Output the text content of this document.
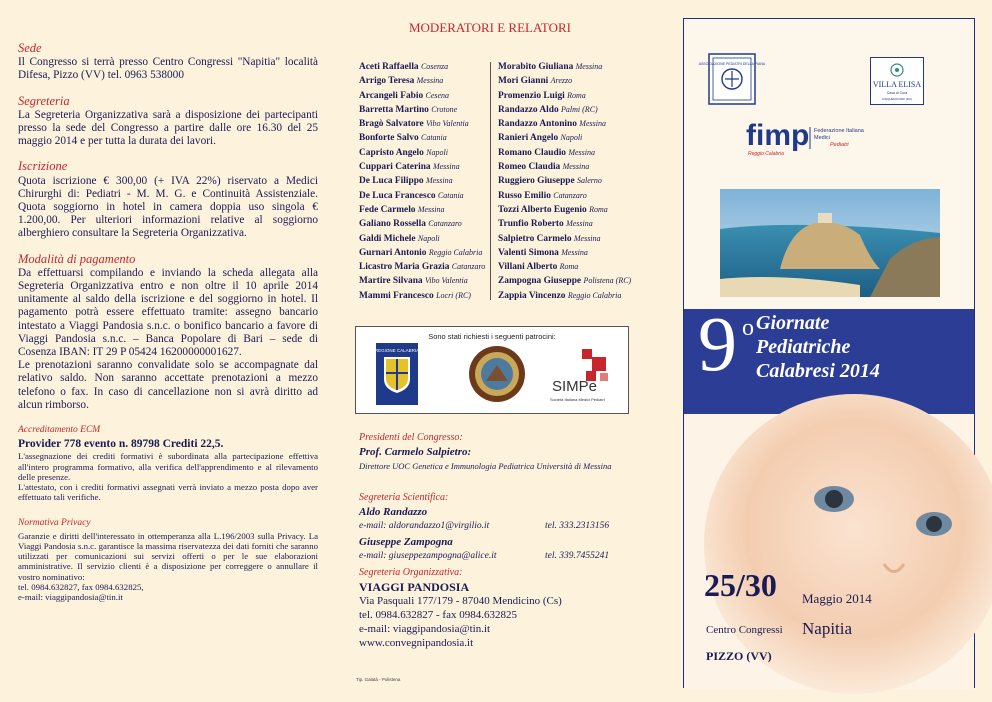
Sede
Il Congresso si terrà presso Centro Congressi "Napitia" località Difesa, Pizzo (VV) tel. 0963 538000
Segreteria
La Segreteria Organizzativa sarà a disposizione dei partecipanti presso la sede del Congresso a partire dalle ore 16.30 del 25 maggio 2014 e per tutta la durata dei lavori.
Iscrizione
Quota iscrizione € 300,00 (+ IVA 22%) riservato a Medici Chirurghi di: Pediatri - M. M. G. e Continuità Assistenziale. Quota soggiorno in hotel in camera doppia uso singola € 1.200,00. Per ulteriori informazioni relative al soggiorno alberghiero consultare la Segreteria Organizzativa.
Modalità di pagamento
Da effettuarsi compilando e inviando la scheda allegata alla Segreteria Organizzativa entro e non oltre il 10 aprile 2014 unitamente al saldo della iscrizione e del soggiorno in hotel. Il pagamento potrà essere effettuato tramite: assegno bancario intestato a Viaggi Pandosia s.n.c. o bonifico bancario a favore di Viaggi Pandosia s.n.c. – Banca Popolare di Bari – sede di Cosenza IBAN: IT 29 P 05424 16200000001627.
Le prenotazioni saranno convalidate solo se accompagnate dal relativo saldo. Non saranno accettate prenotazioni a mezzo telefono o fax. In caso di cancellazione non si avrà diritto ad alcun rimborso.
Accreditamento ECM
Provider 778 evento n. 89798 Crediti 22,5.
L'assegnazione dei crediti formativi è subordinata alla partecipazione effettiva all'intero programma formativo, alla verifica dell'apprendimento e al rilevamento delle presenze.
L'attestato, con i crediti formativi assegnati verrà inviato a mezzo posta dopo aver effettuato tali verifiche.
Normativa Privacy
Garanzie e diritti dell'interessato in ottemperanza alla L.196/2003 sulla Privacy. La Viaggi Pandosia s.n.c. garantisce la massima riservatezza dei dati forniti che saranno utilizzati per comunicazioni sui servizi offerti o per le sue elaborazioni amministrative. Il servizio clienti è a disposizione per correggere o annullare il vostro nominativo:
tel. 0984.632827, fax 0984.632825,
e-mail: viaggipandosia@tin.it
MODERATORI E RELATORI
Aceti Raffaella Cosenza
Arrigo Teresa Messina
Arcangeli Fabio Cesena
Barretta Martino Crotone
Bragò Salvatore Vibo Valentia
Bonforte Salvo Catania
Capristo Angelo Napoli
Cuppari Caterina Messina
De Luca Filippo Messina
De Luca Francesco Catania
Fede Carmelo Messina
Galiano Rossella Catanzaro
Galdi Michele Napoli
Gurnari Antonio Reggio Calabria
Licastro Maria Grazia Catanzaro
Martire Silvana Vibo Valentia
Mammi Francesco Locri (RC)
Morabito Giuliana Messina
Mori Gianni Arezzo
Promenzio Luigi Roma
Randazzo Aldo Palmi (RC)
Randazzo Antonino Messina
Ranieri Angelo Napoli
Romano Claudio Messina
Romeo Claudia Messina
Ruggiero Giuseppe Salerno
Russo Emilio Catanzaro
Tozzi Alberto Eugenio Roma
Trunfio Roberto Messina
Salpietro Carmelo Messina
Valenti Simona Messina
Villani Alberto Roma
Zampogna Giuseppe Polistena (RC)
Zappia Vincenzo Reggio Calabria
Sono stati richiesti i seguenti patrocini:
REGIONE CALABRIA
SIMPe
Società Italiana Medici Pediatri
Presidenti del Congresso:
Prof. Carmelo Salpietro:
Direttore UOC Genetica e Immunologia Pediatrica Università di Messina
Segreteria Scientifica:
Aldo Randazzo
e-mail: aldorandazzo1@virgilio.it	tel. 333.2313156
Giuseppe Zampogna
e-mail: giuseppezampogna@alice.it	tel. 339.7455241
Segreteria Organizzativa:
VIAGGI PANDOSIA
Via Pasquali 177/179 - 87040 Mendicino (Cs)
tel. 0984.632827 - fax 0984.632825
e-mail: viaggipandosia@tin.it
www.convegnipandosia.it
Tip. Galatà - Polistena
ASSOCIAZIONE PEDIATRI DELLA PIANA
VILLA ELISA
Casa di Cura
CINQUEFRONDI (RC)
fimp
Reggio Calabria
Federazione Italiana
Medici
Pediatri
9 o Giornate
Pediatriche
Calabresi 2014
25/30 Maggio 2014
Centro Congressi Napitia
PIZZO (VV)
